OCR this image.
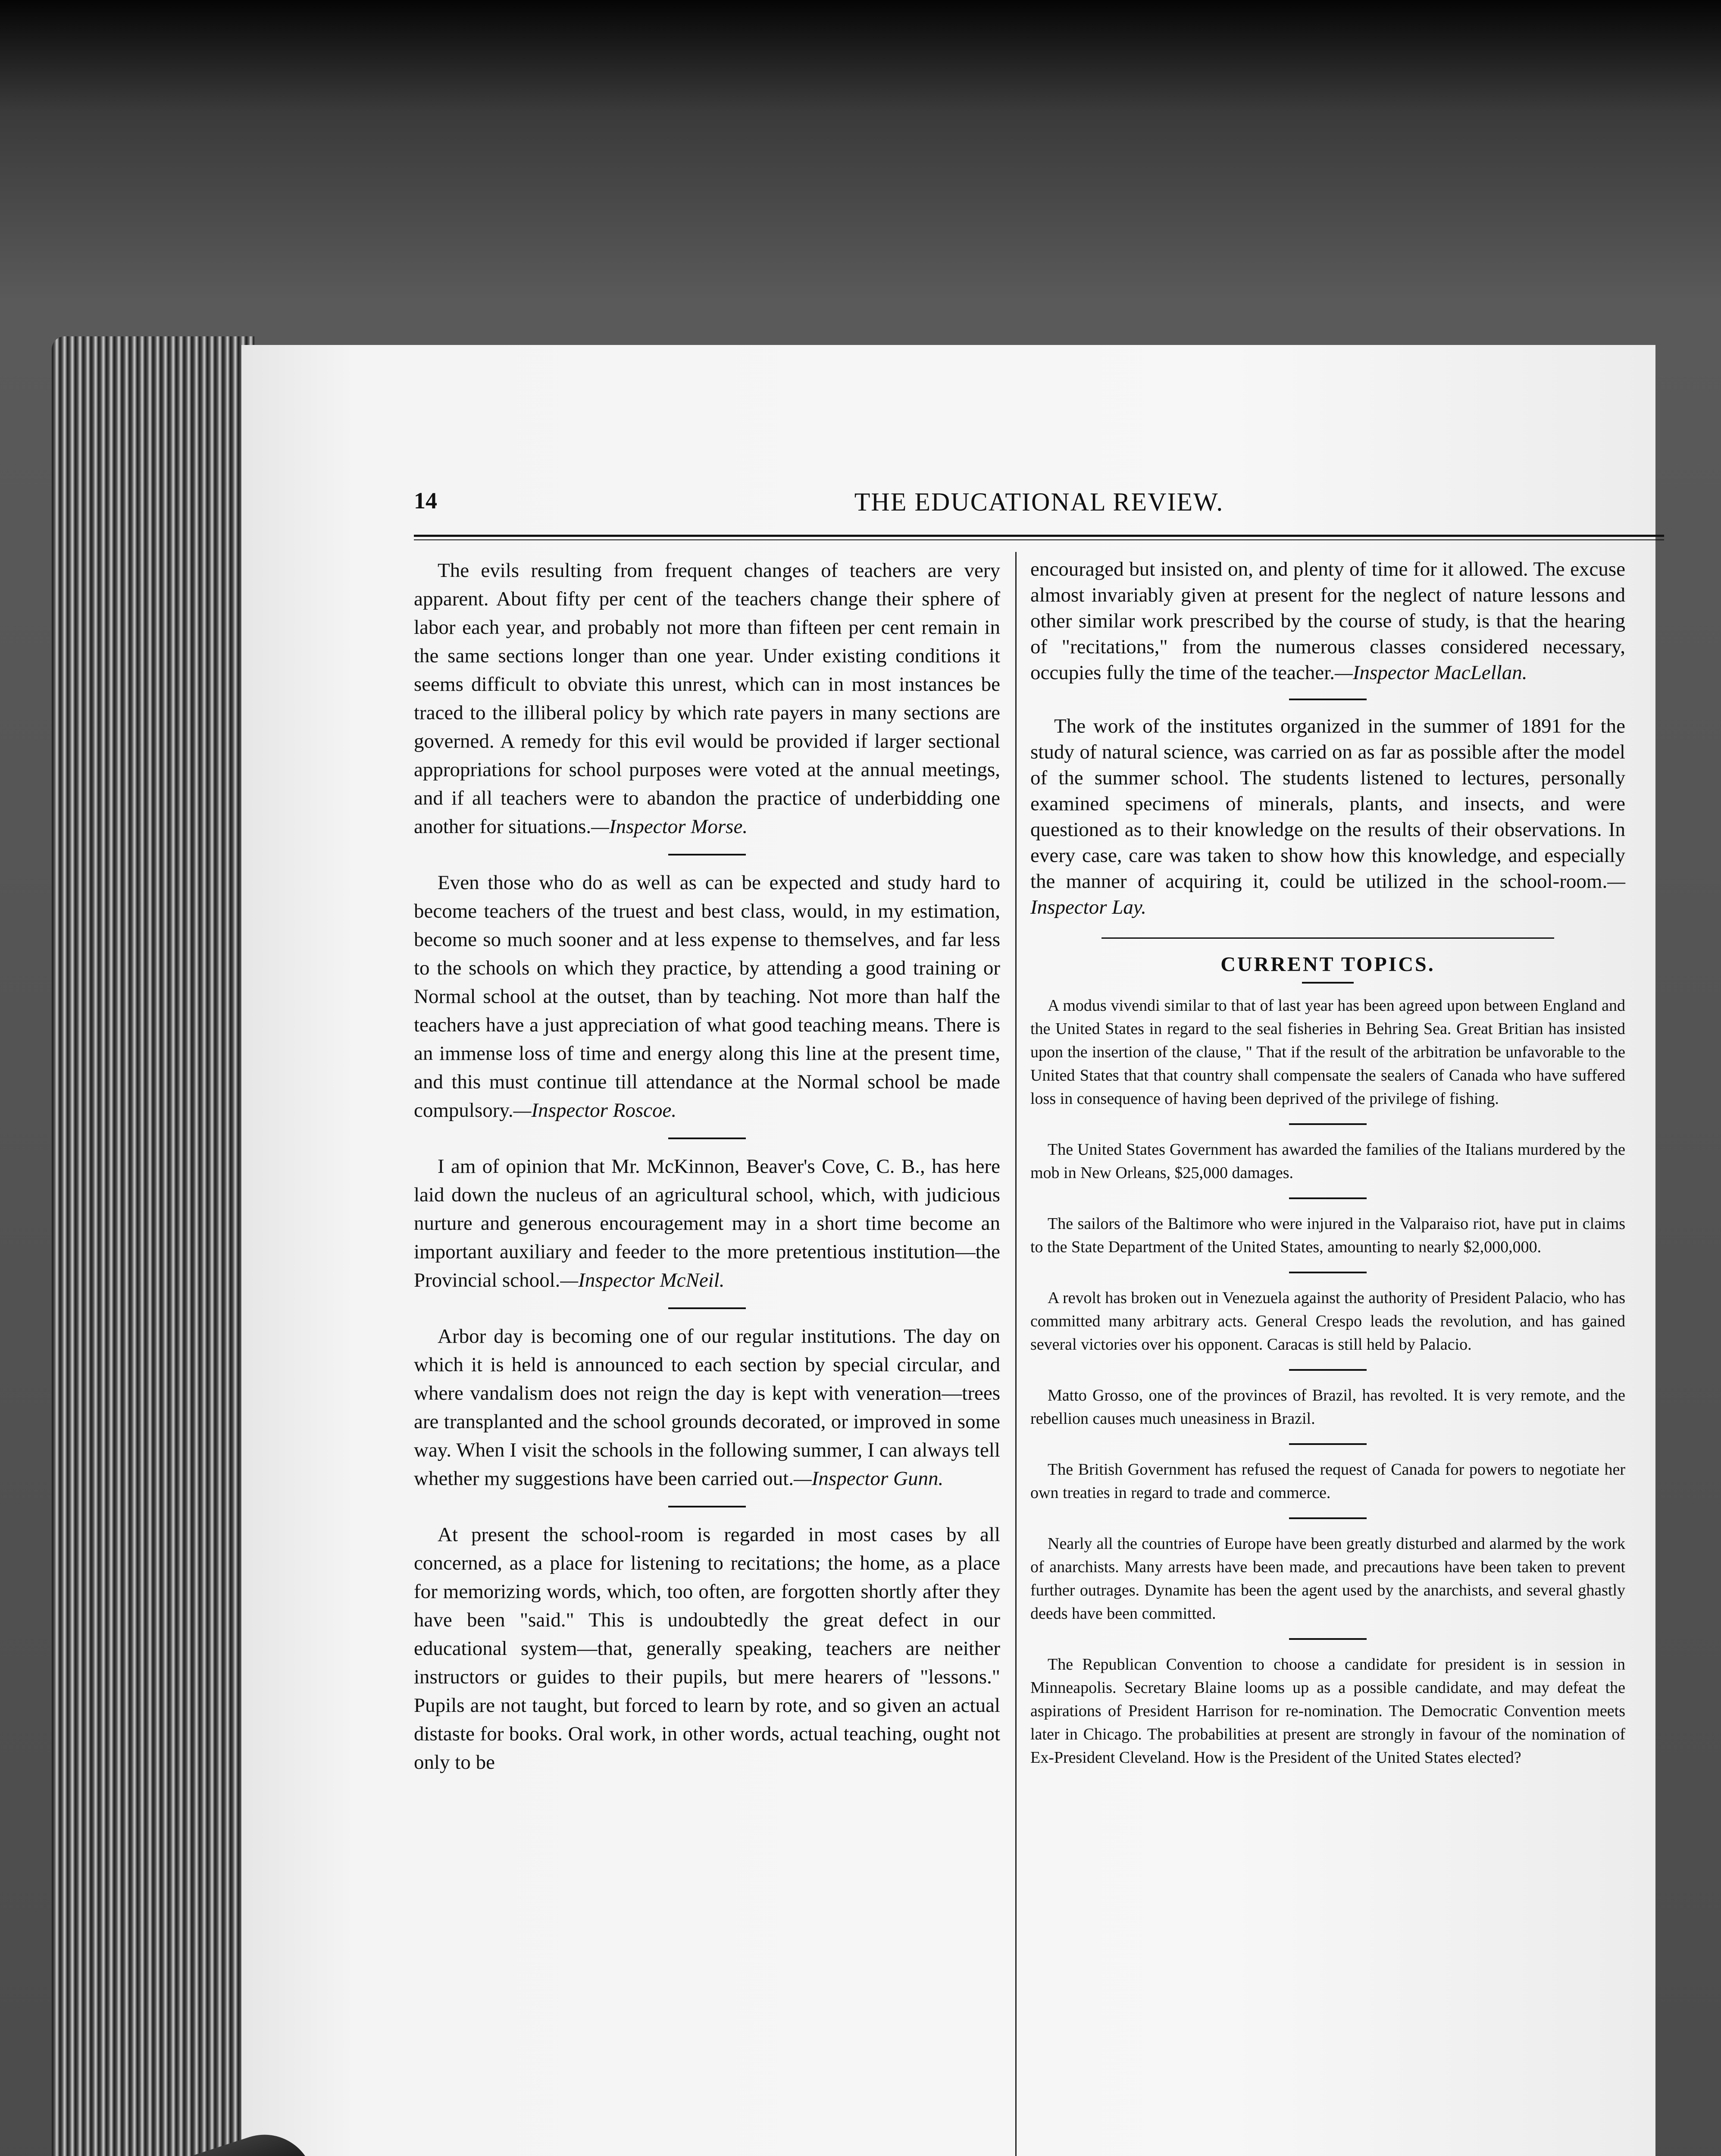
14	THE EDUCATIONAL REVIEW.

The evils resulting from frequent changes of teachers are very apparent. About fifty per cent of the teachers change their sphere of labor each year, and probably not more than fifteen per cent remain in the same sections longer than one year. Under existing conditions it seems difficult to obviate this unrest, which can in most instances be traced to the illiberal policy by which rate payers in many sections are governed. A remedy for this evil would be provided if larger sectional appropriations for school purposes were voted at the annual meetings, and if all teachers were to abandon the practice of underbidding one another for situations.—Inspector Morse.

Even those who do as well as can be expected and study hard to become teachers of the truest and best class, would, in my estimation, become so much sooner and at less expense to themselves, and far less to the schools on which they practice, by attending a good training or Normal school at the outset, than by teaching. Not more than half the teachers have a just appreciation of what good teaching means. There is an immense loss of time and energy along this line at the present time, and this must continue till attendance at the Normal school be made compulsory.—Inspector Roscoe.

I am of opinion that Mr. McKinnon, Beaver's Cove, C. B., has here laid down the nucleus of an agricultural school, which, with judicious nurture and generous encouragement may in a short time become an important auxiliary and feeder to the more pretentious institution—the Provincial school.—Inspector McNeil.

Arbor day is becoming one of our regular institutions. The day on which it is held is announced to each section by special circular, and where vandalism does not reign the day is kept with veneration—trees are transplanted and the school grounds decorated, or improved in some way. When I visit the schools in the following summer, I can always tell whether my suggestions have been carried out.—Inspector Gunn.

At present the school-room is regarded in most cases by all concerned, as a place for listening to recitations; the home, as a place for memorizing words, which, too often, are forgotten shortly after they have been "said." This is undoubtedly the great defect in our educational system—that, generally speaking, teachers are neither instructors or guides to their pupils, but mere hearers of "lessons." Pupils are not taught, but forced to learn by rote, and so given an actual distaste for books. Oral work, in other words, actual teaching, ought not only to be

encouraged but insisted on, and plenty of time for it allowed. The excuse almost invariably given at present for the neglect of nature lessons and other similar work prescribed by the course of study, is that the hearing of "recitations," from the numerous classes considered necessary, occupies fully the time of the teacher.—Inspector MacLellan.

The work of the institutes organized in the summer of 1891 for the study of natural science, was carried on as far as possible after the model of the summer school. The students listened to lectures, personally examined specimens of minerals, plants, and insects, and were questioned as to their knowledge on the results of their observations. In every case, care was taken to show how this knowledge, and especially the manner of acquiring it, could be utilized in the school-room.—Inspector Lay.

CURRENT TOPICS.

A modus vivendi similar to that of last year has been agreed upon between England and the United States in regard to the seal fisheries in Behring Sea. Great Britian has insisted upon the insertion of the clause, " That if the result of the arbitration be unfavorable to the United States that that country shall compensate the sealers of Canada who have suffered loss in consequence of having been deprived of the privilege of fishing.

The United States Government has awarded the families of the Italians murdered by the mob in New Orleans, $25,000 damages.

The sailors of the Baltimore who were injured in the Valparaiso riot, have put in claims to the State Department of the United States, amounting to nearly $2,000,000.

A revolt has broken out in Venezuela against the authority of President Palacio, who has committed many arbitrary acts. General Crespo leads the revolution, and has gained several victories over his opponent. Caracas is still held by Palacio.

Matto Grosso, one of the provinces of Brazil, has revolted. It is very remote, and the rebellion causes much uneasiness in Brazil.

The British Government has refused the request of Canada for powers to negotiate her own treaties in regard to trade and commerce.

Nearly all the countries of Europe have been greatly disturbed and alarmed by the work of anarchists. Many arrests have been made, and precautions have been taken to prevent further outrages. Dynamite has been the agent used by the anarchists, and several ghastly deeds have been committed.

The Republican Convention to choose a candidate for president is in session in Minneapolis. Secretary Blaine looms up as a possible candidate, and may defeat the aspirations of President Harrison for re-nomination. The Democratic Convention meets later in Chicago. The probabilities at present are strongly in favour of the nomination of Ex-President Cleveland. How is the President of the United States elected?
